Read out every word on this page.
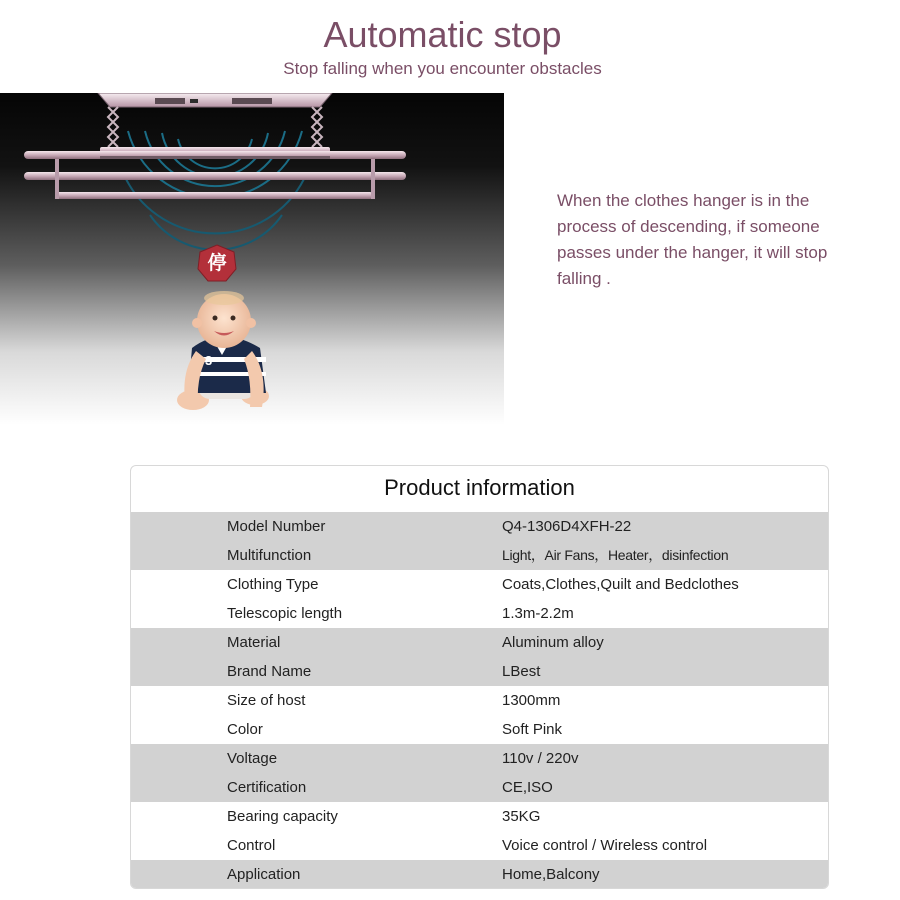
Automatic stop
Stop falling when you encounter obstacles
3
停
When the clothes hanger is in the
process of descending, if someone
passes under the hanger, it will stop
falling .
Product information
Model Number	Q4-1306D4XFH-22
Multifunction	Light，Air Fans，Heater，disinfection
Clothing Type	Coats,Clothes,Quilt and Bedclothes
Telescopic length	1.3m-2.2m
Material	Aluminum alloy
Brand Name	LBest
Size of host	1300mm
Color	Soft Pink
Voltage	110v / 220v
Certification	CE,ISO
Bearing capacity	35KG
Control	Voice control / Wireless control
Application	Home,Balcony
